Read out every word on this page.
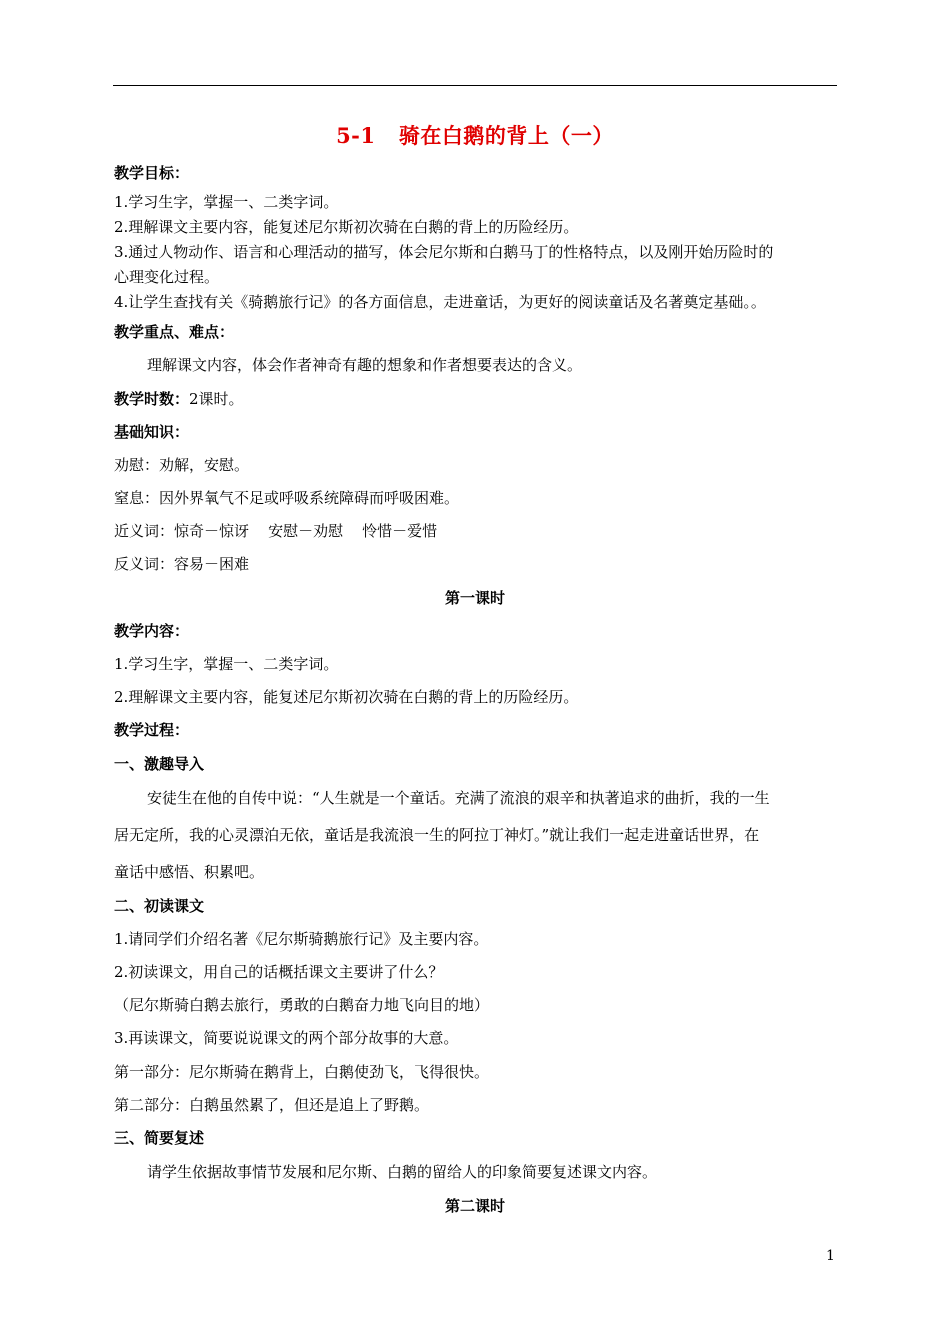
5-1   骑在白鹅的背上（一）
教学目标：
1.学习生字，掌握一、二类字词。
2.理解课文主要内容，能复述尼尔斯初次骑在白鹅的背上的历险经历。
3.通过人物动作、语言和心理活动的描写，体会尼尔斯和白鹅马丁的性格特点，以及刚开始历险时的
心理变化过程。
4.让学生查找有关《骑鹅旅行记》的各方面信息，走进童话，为更好的阅读童话及名著奠定基础。。
教学重点、难点：
理解课文内容，体会作者神奇有趣的想象和作者想要表达的含义。
教学时数：2课时。
基础知识：
劝慰：劝解，安慰。
窒息：因外界氧气不足或呼吸系统障碍而呼吸困难。
近义词：惊奇－惊讶    安慰－劝慰    怜惜－爱惜
反义词：容易－困难
第一课时
教学内容：
1.学习生字，掌握一、二类字词。
2.理解课文主要内容，能复述尼尔斯初次骑在白鹅的背上的历险经历。
教学过程：
一、激趣导入
安徒生在他的自传中说：“人生就是一个童话。充满了流浪的艰辛和执著追求的曲折，我的一生
居无定所，我的心灵漂泊无依，童话是我流浪一生的阿拉丁神灯。”就让我们一起走进童话世界，在
童话中感悟、积累吧。
二、初读课文
1.请同学们介绍名著《尼尔斯骑鹅旅行记》及主要内容。
2.初读课文，用自己的话概括课文主要讲了什么？
（尼尔斯骑白鹅去旅行，勇敢的白鹅奋力地飞向目的地）
3.再读课文，简要说说课文的两个部分故事的大意。
第一部分：尼尔斯骑在鹅背上，白鹅使劲飞，飞得很快。
第二部分：白鹅虽然累了，但还是追上了野鹅。
三、简要复述
请学生依据故事情节发展和尼尔斯、白鹅的留给人的印象简要复述课文内容。
第二课时
1
